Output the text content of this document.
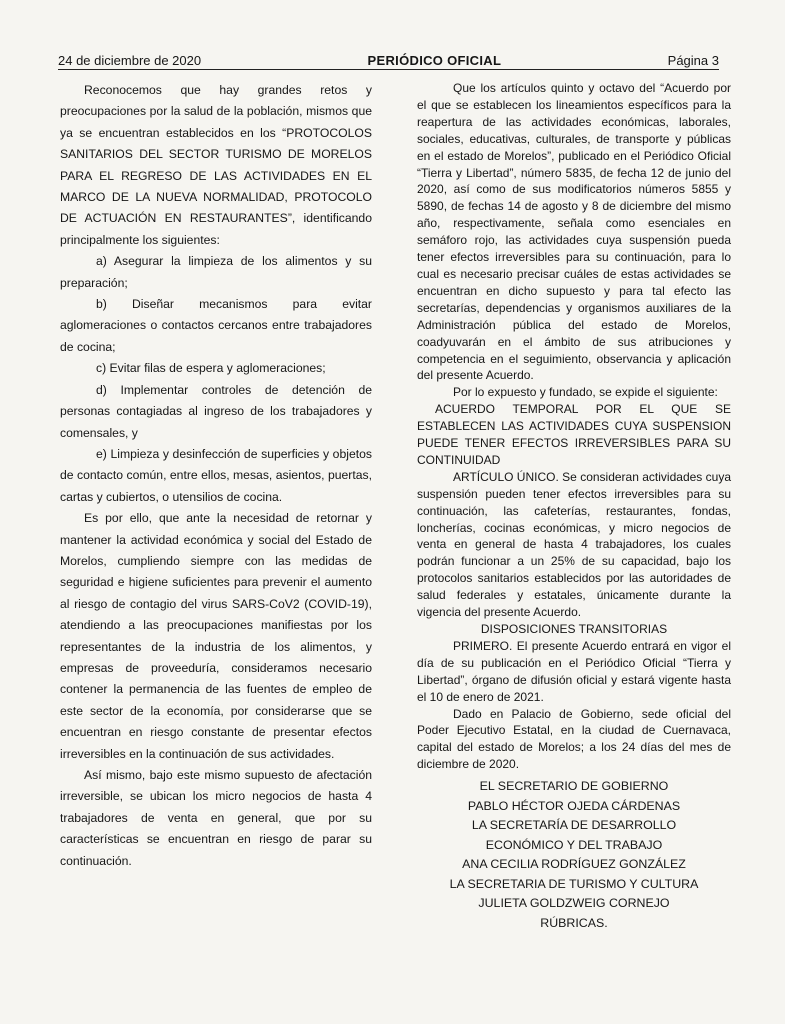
24 de diciembre de 2020	PERIÓDICO OFICIAL	Página 3

Reconocemos que hay grandes retos y preocupaciones por la salud de la población, mismos que ya se encuentran establecidos en los “PROTOCOLOS SANITARIOS DEL SECTOR TURISMO DE MORELOS PARA EL REGRESO DE LAS ACTIVIDADES EN EL MARCO DE LA NUEVA NORMALIDAD, PROTOCOLO DE ACTUACIÓN EN RESTAURANTES”, identificando principalmente los siguientes:

a) Asegurar la limpieza de los alimentos y su preparación;

b) Diseñar mecanismos para evitar aglomeraciones o contactos cercanos entre trabajadores de cocina;

c) Evitar filas de espera y aglomeraciones;

d) Implementar controles de detención de personas contagiadas al ingreso de los trabajadores y comensales, y

e) Limpieza y desinfección de superficies y objetos de contacto común, entre ellos, mesas, asientos, puertas, cartas y cubiertos, o utensilios de cocina.

Es por ello, que ante la necesidad de retornar y mantener la actividad económica y social del Estado de Morelos, cumpliendo siempre con las medidas de seguridad e higiene suficientes para prevenir el aumento al riesgo de contagio del virus SARS-CoV2 (COVID-19), atendiendo a las preocupaciones manifiestas por los representantes de la industria de los alimentos, y empresas de proveeduría, consideramos necesario contener la permanencia de las fuentes de empleo de este sector de la economía, por considerarse que se encuentran en riesgo constante de presentar efectos irreversibles en la continuación de sus actividades.

Así mismo, bajo este mismo supuesto de afectación irreversible, se ubican los micro negocios de hasta 4 trabajadores de venta en general, que por su características se encuentran en riesgo de parar su continuación.

Que los artículos quinto y octavo del “Acuerdo por el que se establecen los lineamientos específicos para la reapertura de las actividades económicas, laborales, sociales, educativas, culturales, de transporte y públicas en el estado de Morelos”, publicado en el Periódico Oficial “Tierra y Libertad”, número 5835, de fecha 12 de junio del 2020, así como de sus modificatorios números 5855 y 5890, de fechas 14 de agosto y 8 de diciembre del mismo año, respectivamente, señala como esenciales en semáforo rojo, las actividades cuya suspensión pueda tener efectos irreversibles para su continuación, para lo cual es necesario precisar cuáles de estas actividades se encuentran en dicho supuesto y para tal efecto las secretarías, dependencias y organismos auxiliares de la Administración pública del estado de Morelos, coadyuvarán en el ámbito de sus atribuciones y competencia en el seguimiento, observancia y aplicación del presente Acuerdo.

Por lo expuesto y fundado, se expide el siguiente:

ACUERDO TEMPORAL POR EL QUE SE ESTABLECEN LAS ACTIVIDADES CUYA SUSPENSION PUEDE TENER EFECTOS IRREVERSIBLES PARA SU CONTINUIDAD

ARTÍCULO ÚNICO. Se consideran actividades cuya suspensión pueden tener efectos irreversibles para su continuación, las cafeterías, restaurantes, fondas, loncherías, cocinas económicas, y micro negocios de venta en general de hasta 4 trabajadores, los cuales podrán funcionar a un 25% de su capacidad, bajo los protocolos sanitarios establecidos por las autoridades de salud federales y estatales, únicamente durante la vigencia del presente Acuerdo.

DISPOSICIONES TRANSITORIAS

PRIMERO. El presente Acuerdo entrará en vigor el día de su publicación en el Periódico Oficial “Tierra y Libertad”, órgano de difusión oficial y estará vigente hasta el 10 de enero de 2021.

Dado en Palacio de Gobierno, sede oficial del Poder Ejecutivo Estatal, en la ciudad de Cuernavaca, capital del estado de Morelos; a los 24 días del mes de diciembre de 2020.

EL SECRETARIO DE GOBIERNO
PABLO HÉCTOR OJEDA CÁRDENAS
LA SECRETARÍA DE DESARROLLO
ECONÓMICO Y DEL TRABAJO
ANA CECILIA RODRÍGUEZ GONZÁLEZ
LA SECRETARIA DE TURISMO Y CULTURA
JULIETA GOLDZWEIG CORNEJO
RÚBRICAS.
